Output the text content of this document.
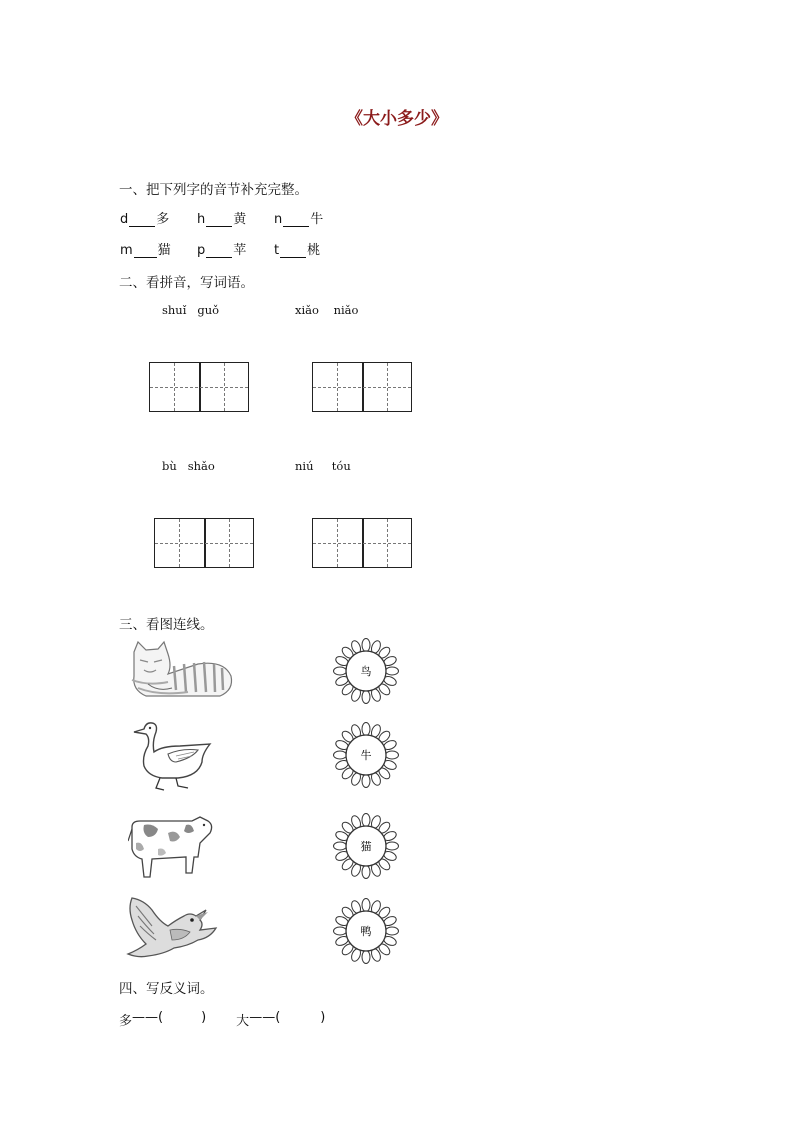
《大小多少》
一、把下列字的音节补充完整。
d 多 h 黄 n 牛
m 猫 p 苹 t 桃
二、看拼音，写词语。
shuǐ   guǒ	xiǎo    niǎo
bù   shǎo	niú     tóu
三、看图连线。
鸟
牛
猫
鸭
四、写反义词。
多 ——(	) 大 ——(	)
